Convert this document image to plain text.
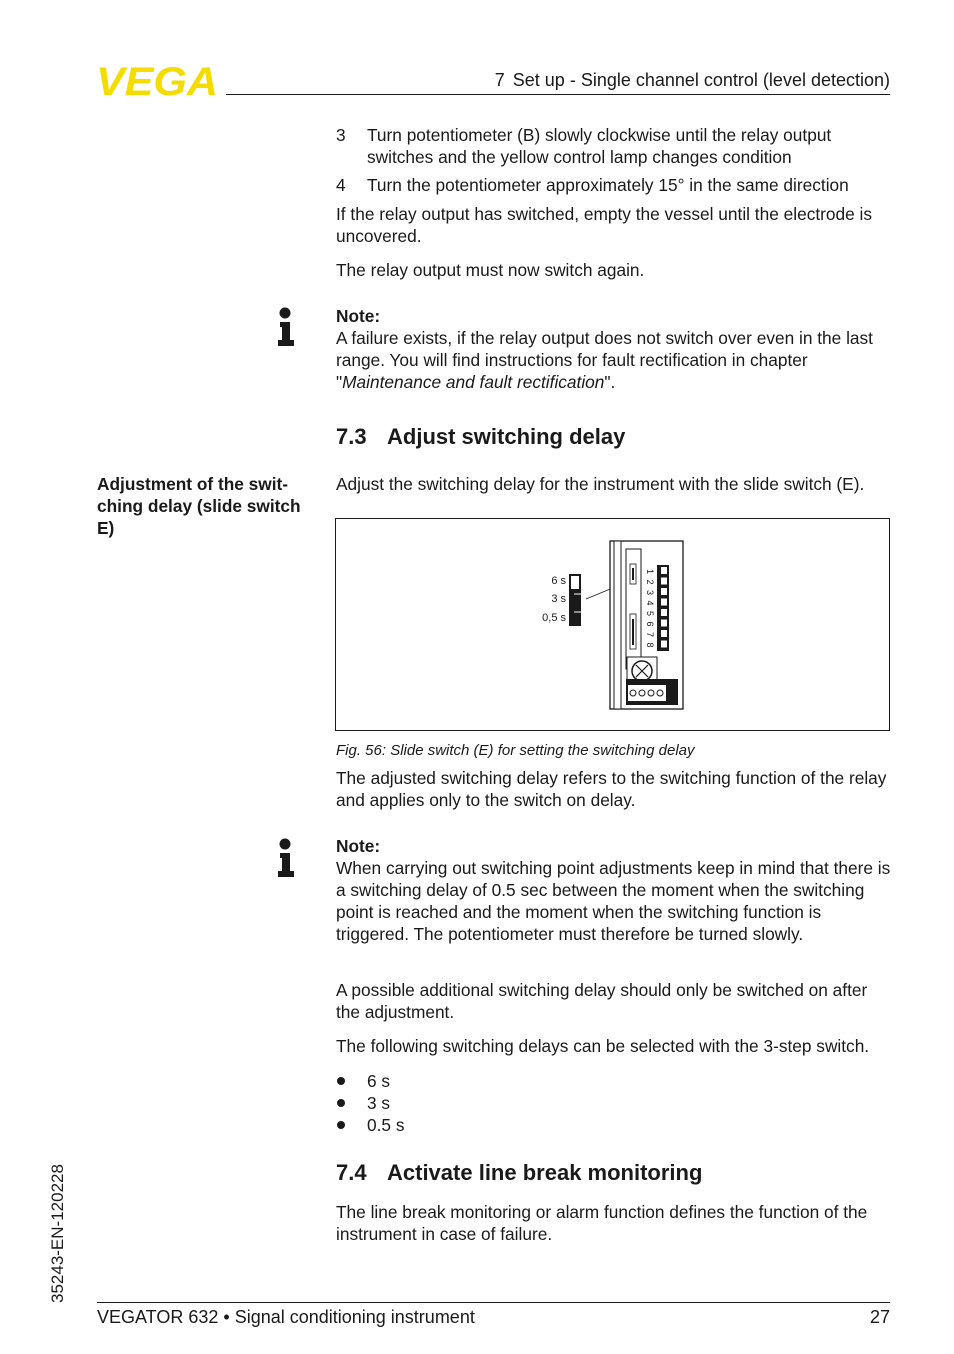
VEGA	7 Set up - Single channel control (level detection)
3 Turn potentiometer (B) slowly clockwise until the relay output switches and the yellow control lamp changes condition
4 Turn the potentiometer approximately 15° in the same direction
If the relay output has switched, empty the vessel until the electrode is uncovered.
The relay output must now switch again.
Note:
A failure exists, if the relay output does not switch over even in the last range. You will find instructions for fault rectification in chapter "Maintenance and fault rectification".
7.3 Adjust switching delay
Adjustment of the swit-ching delay (slide switch E)
Adjust the switching delay for the instrument with the slide switch (E).
6 s
3 s
0,5 s
1
2
3
4
5
6
7
8
Fig. 56: Slide switch (E) for setting the switching delay
The adjusted switching delay refers to the switching function of the relay and applies only to the switch on delay.
Note:
When carrying out switching point adjustments keep in mind that there is a switching delay of 0.5 sec between the moment when the switching point is reached and the moment when the switching function is triggered. The potentiometer must therefore be turned slowly.
A possible additional switching delay should only be switched on after the adjustment.
The following switching delays can be selected with the 3-step switch.
6 s
3 s
0.5 s
7.4 Activate line break monitoring
The line break monitoring or alarm function defines the function of the instrument in case of failure.
35243-EN-120228
VEGATOR 632 • Signal conditioning instrument	27
